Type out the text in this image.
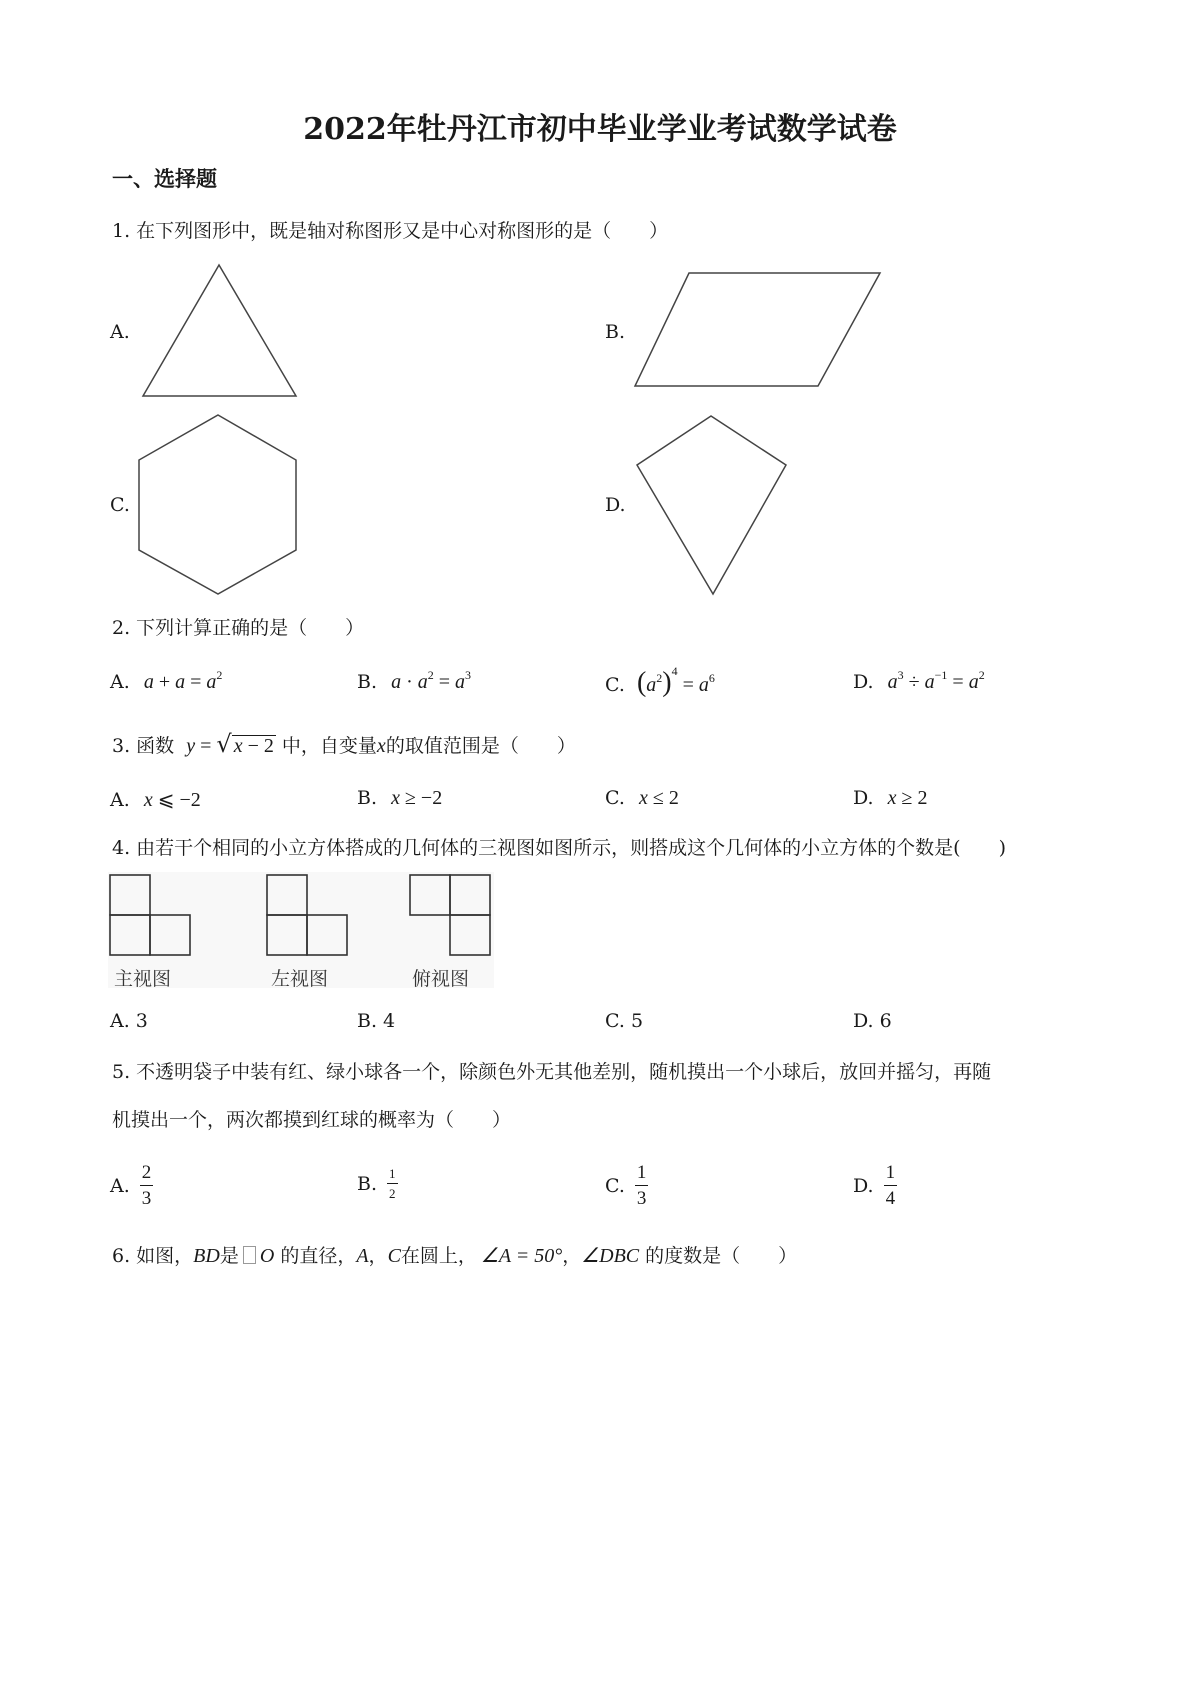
2022年牡丹江市初中毕业学业考试数学试卷
一、选择题
1. 在下列图形中，既是轴对称图形又是中心对称图形的是（　　）
A.	B.
C.	D.
2. 下列计算正确的是（　　）
A. $a + a = a^2$	B. $a \cdot a^2 = a^3$	C. $(a^2)^4 = a^6$	D. $a^3 \div a^{-1} = a^2$
3. 函数 y = √ x − 2 中，自变量x的取值范围是（　　）
A. x ⩽ −2	B. x ≥ −2	C. x ≤ 2	D. x ≥ 2
4. 由若干个相同的小立方体搭成的几何体的三视图如图所示，则搭成这个几何体的小立方体的个数是(　　)
主视图	左视图	俯视图
A. 3	B. 4	C. 5	D. 6
5. 不透明袋子中装有红、绿小球各一个，除颜色外无其他差别，随机摸出一个小球后，放回并摇匀，再随
机摸出一个，两次都摸到红球的概率为（　　）
A. $\frac{2}{3}$	B. $\frac{1}{2}$	C. $\frac{1}{3}$	D. $\frac{1}{4}$
6. 如图，BD是 O 的直径，A，C在圆上， ∠A = 50°，∠DBC 的度数是（　　）
